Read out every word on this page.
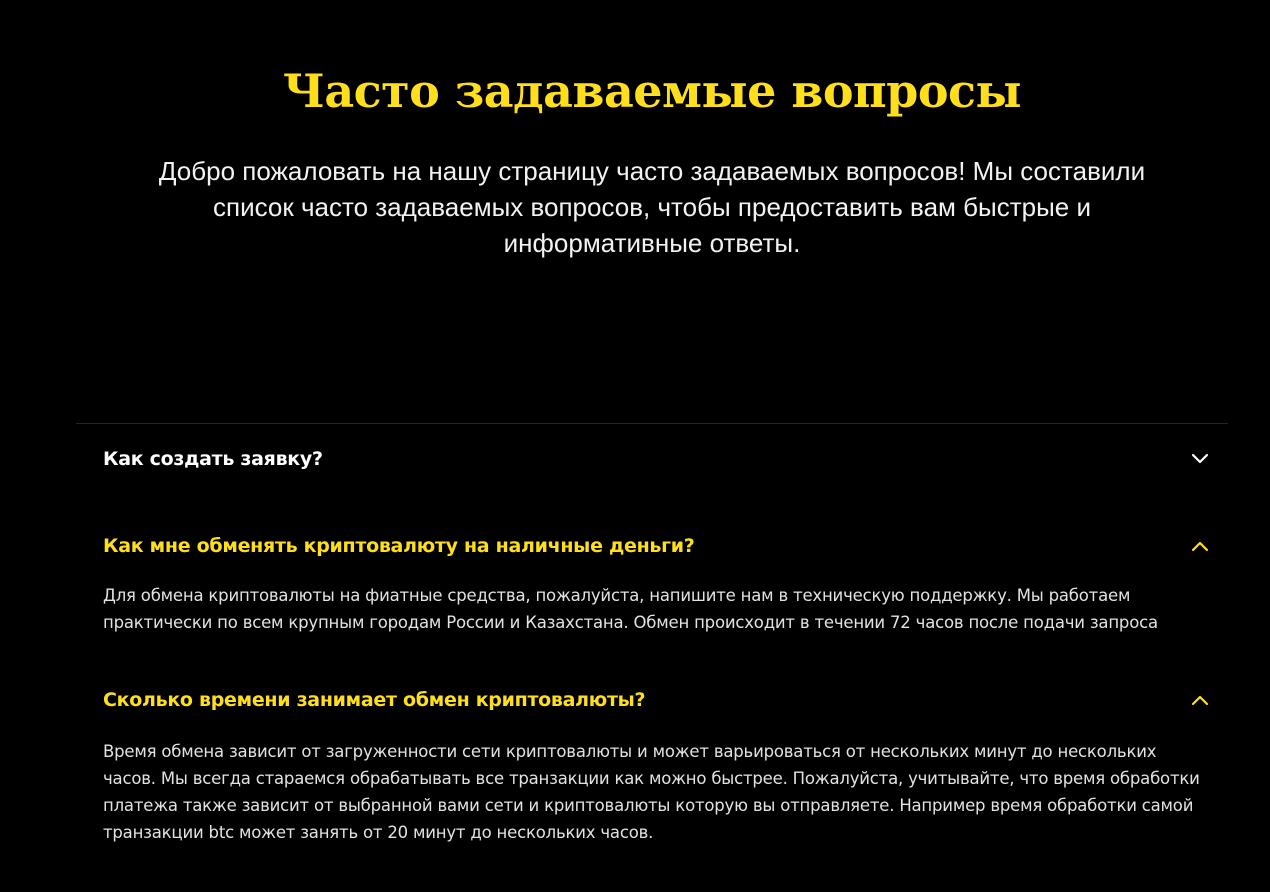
Часто задаваемые вопросы

Добро пожаловать на нашу страницу часто задаваемых вопросов! Мы составили список часто задаваемых вопросов, чтобы предоставить вам быстрые и информативные ответы.

Как создать заявку?
Как мне обменять криптовалюту на наличные деньги?
Для обмена криптовалюты на фиатные средства, пожалуйста, напишите нам в техническую поддержку. Мы работаем практически по всем крупным городам России и Казахстана. Обмен происходит в течении 72 часов после подачи запроса
Сколько времени занимает обмен криптовалюты?
Время обмена зависит от загруженности сети криптовалюты и может варьироваться от нескольких минут до нескольких часов. Мы всегда стараемся обрабатывать все транзакции как можно быстрее. Пожалуйста, учитывайте, что время обработки платежа также зависит от выбранной вами сети и криптовалюты которую вы отправляете. Например время обработки самой транзакции btc может занять от 20 минут до нескольких часов.
